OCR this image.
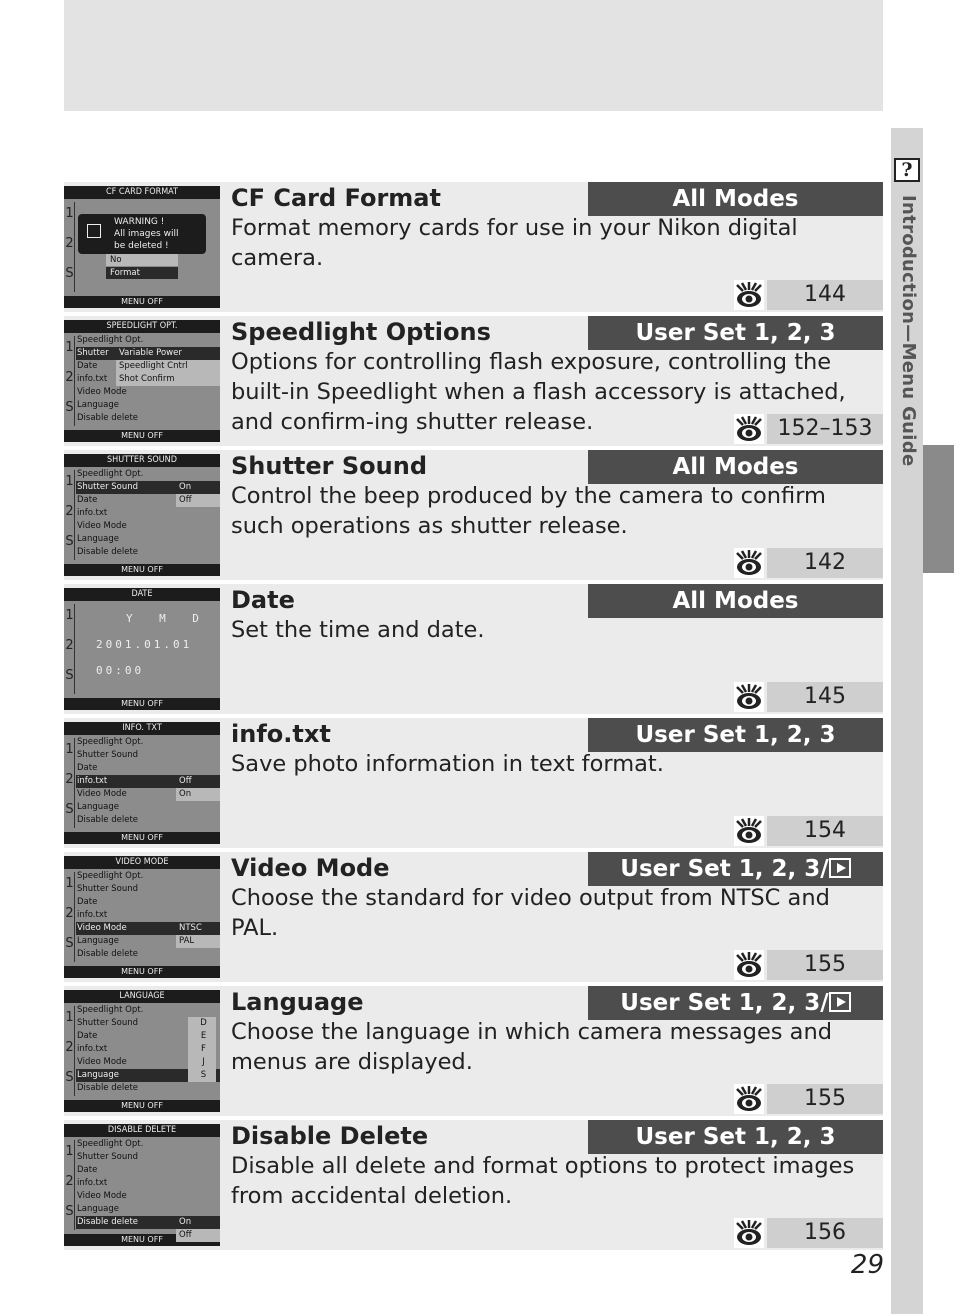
?
Introduction—Menu Guide
CF CARD FORMAT
MENU OFF
1
2
S
WARNING !
All images will
be deleted !
No
Format
CF Card Format	All Modes
Format memory cards for use in your Nikon digital camera.
144
SPEEDLIGHT OPT.
MENU OFF
1
2
S
Speedlight Opt.
Shutter
Date
info.txt
Video Mode
Language
Disable delete
Variable Power
Speedlight Cntrl
Shot Confirm
Speedlight Options	User Set 1, 2, 3
Options for controlling flash exposure, controlling the built-in Speedlight when a flash accessory is attached, and confirm-ing shutter release.	152–153
SHUTTER SOUND
MENU OFF
1
2
S
Speedlight Opt.
Shutter Sound
Date
info.txt
Video Mode
Language
Disable delete
On
Off
Shutter Sound	All Modes
Control the beep produced by the camera to confirm such operations as shutter release.
142
DATE
MENU OFF
1
2
S
Y    M    D
2001.01.01
00:00
Date	All Modes
Set the time and date.
145
INFO. TXT
MENU OFF
1
2
S
Speedlight Opt.
Shutter Sound
Date
info.txt
Video Mode
Language
Disable delete
Off
On
info.txt	User Set 1, 2, 3
Save photo information in text format.
154
VIDEO MODE
MENU OFF
1
2
S
Speedlight Opt.
Shutter Sound
Date
info.txt
Video Mode
Language
Disable delete
NTSC
PAL
Video Mode	User Set 1, 2, 3/
Choose the standard for video output from NTSC and PAL.
155
LANGUAGE
MENU OFF
1
2
S
Speedlight Opt.
Shutter Sound
Date
info.txt
Video Mode
Language
Disable delete
D
E
F
J
S
Language	User Set 1, 2, 3/
Choose the language in which camera messages and menus are displayed.
155
DISABLE DELETE
MENU OFF
1
2
S
Speedlight Opt.
Shutter Sound
Date
info.txt
Video Mode
Language
Disable delete	On
Off
Disable Delete	User Set 1, 2, 3
Disable all delete and format options to protect images from accidental deletion.
156
29
